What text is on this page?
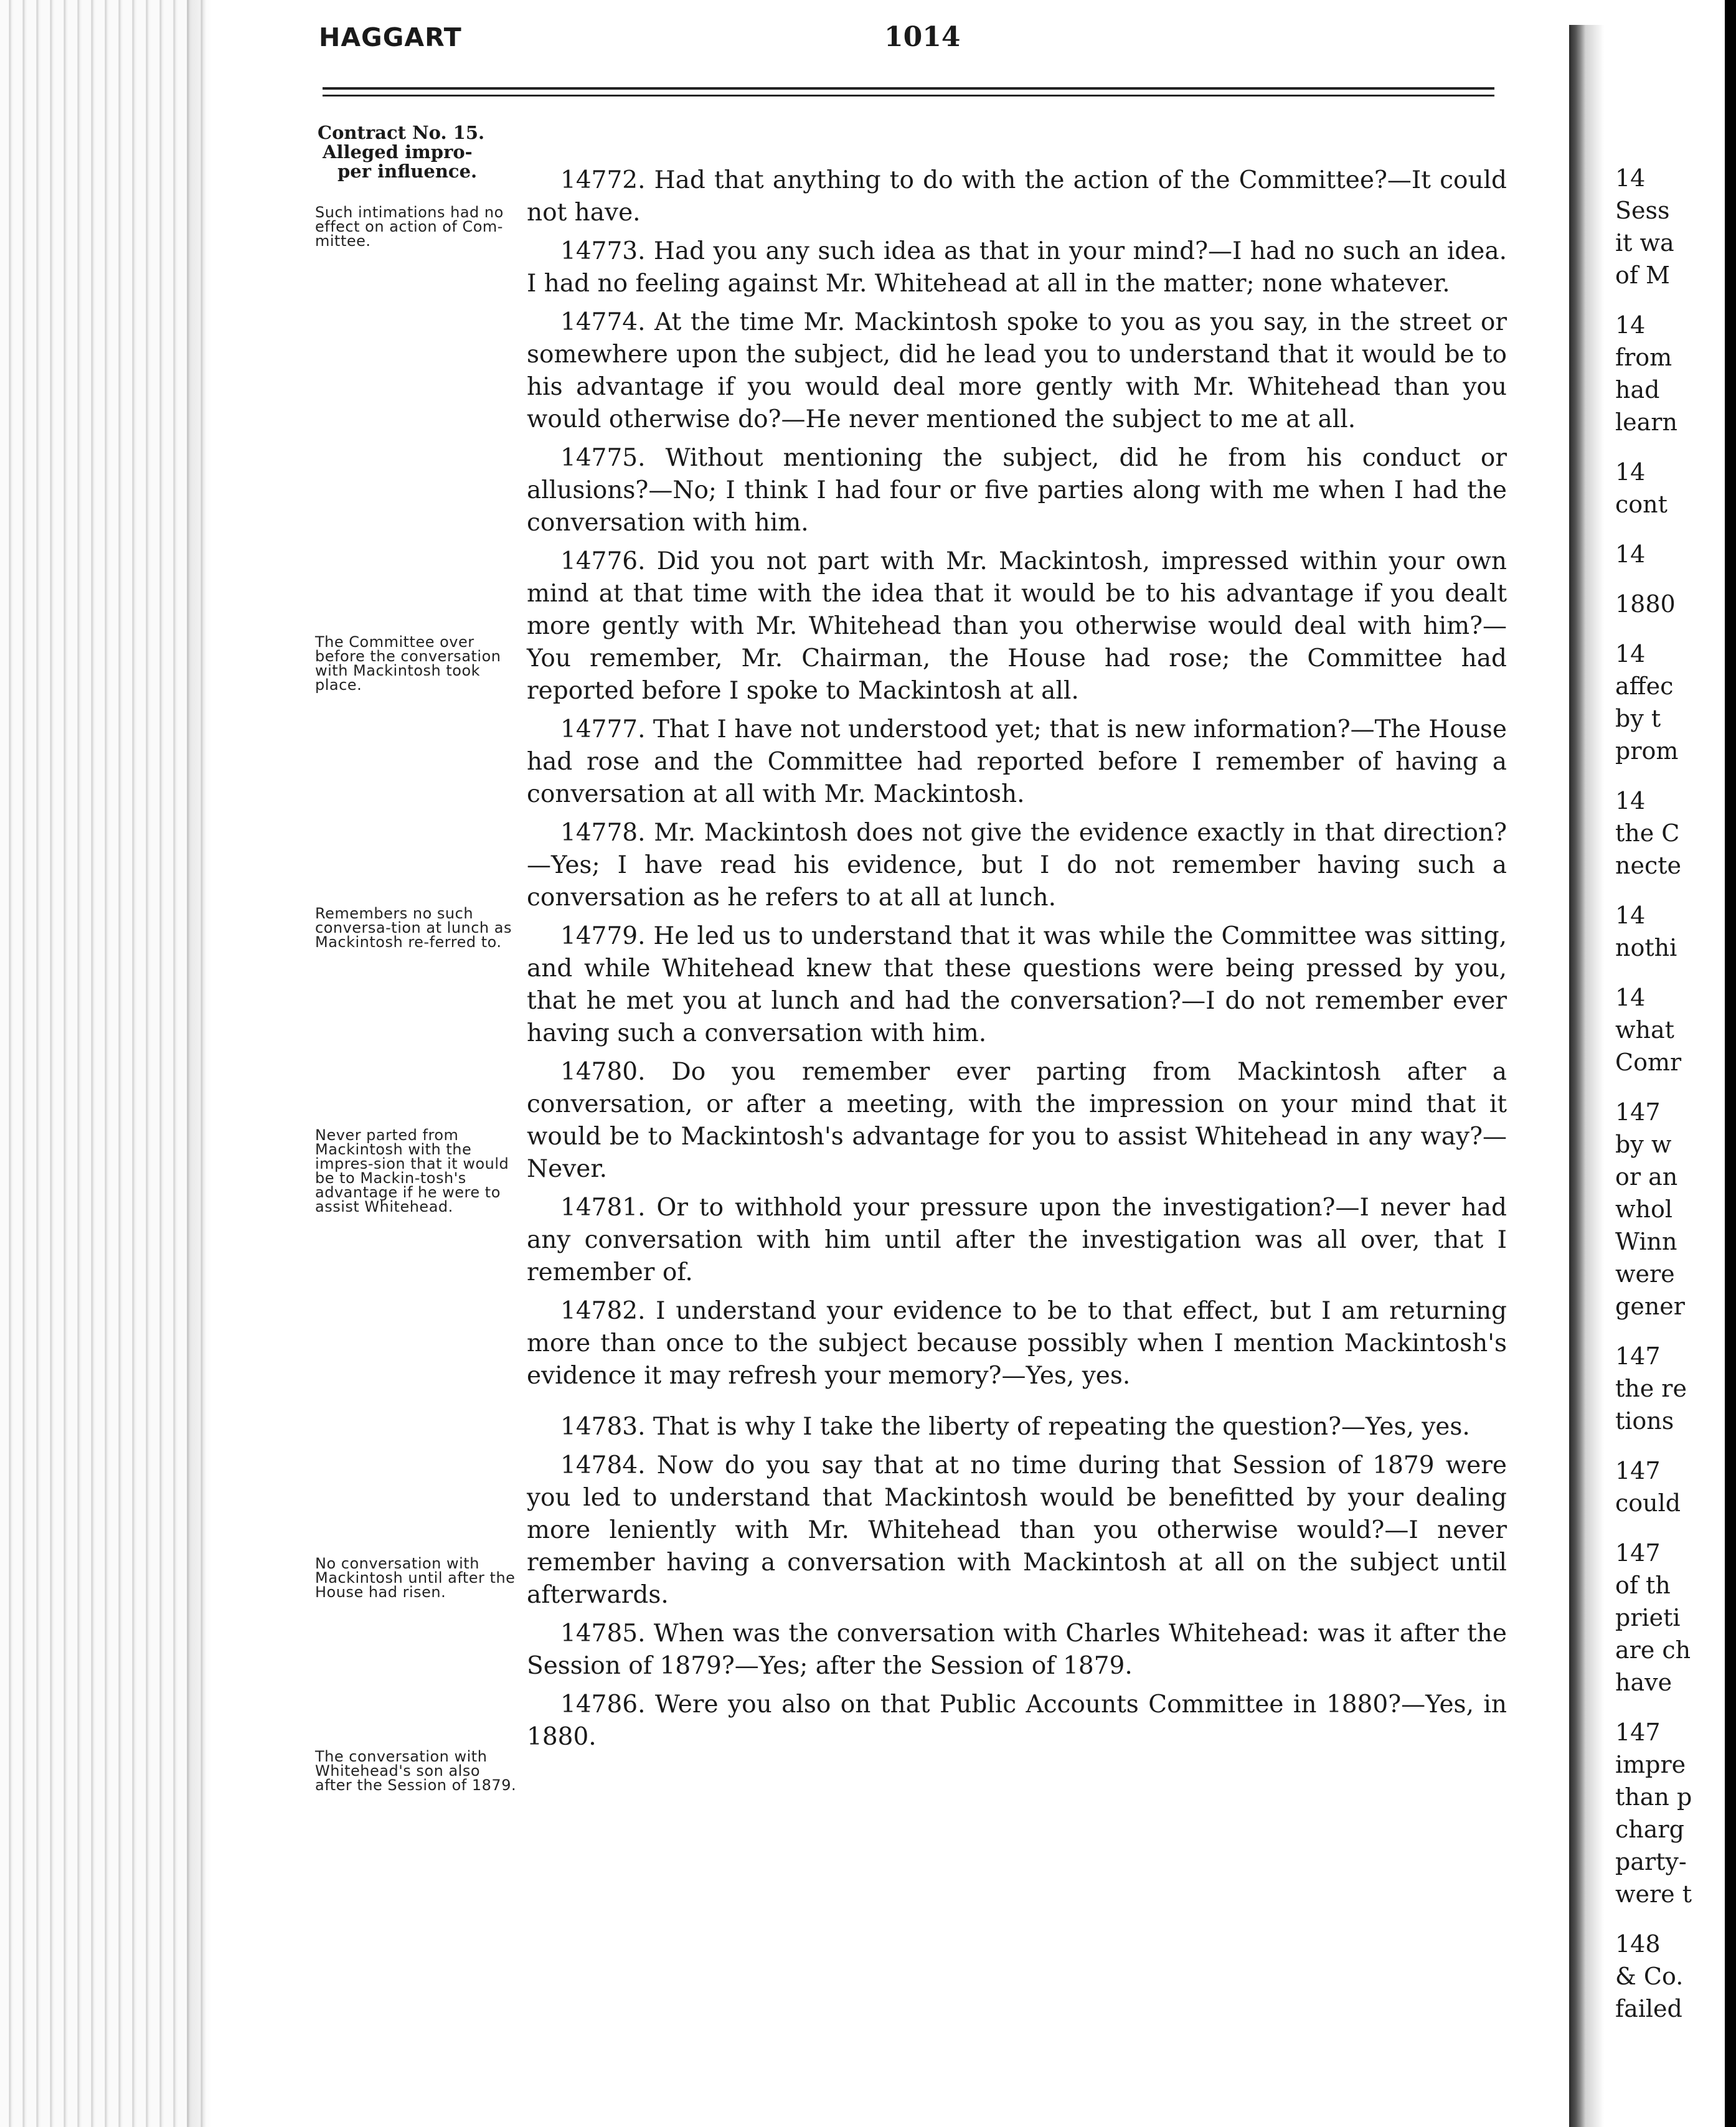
HAGGART	1014
Contract No. 15.
Alleged impro-
per influence.
Such intimations had no effect on action of Com-mittee.
The Committee over before the conversation with Mackintosh took place.
Remembers no such conversa-tion at lunch as Mackintosh re-ferred to.
Never parted from Mackintosh with the impres-sion that it would be to Mackin-tosh's advantage if he were to assist Whitehead.
No conversation with Mackintosh until after the House had risen.
The conversation with Whitehead's son also after the Session of 1879.

14772. Had that anything to do with the action of the Committee?—It could not have.

14773. Had you any such idea as that in your mind?—I had no such an idea. I had no feeling against Mr. Whitehead at all in the matter; none whatever.

14774. At the time Mr. Mackintosh spoke to you as you say, in the street or somewhere upon the subject, did he lead you to understand that it would be to his advantage if you would deal more gently with Mr. Whitehead than you would otherwise do?—He never mentioned the subject to me at all.

14775. Without mentioning the subject, did he from his conduct or allusions?—No; I think I had four or five parties along with me when I had the conversation with him.

14776. Did you not part with Mr. Mackintosh, impressed within your own mind at that time with the idea that it would be to his advantage if you dealt more gently with Mr. Whitehead than you otherwise would deal with him?—You remember, Mr. Chairman, the House had rose; the Committee had reported before I spoke to Mackintosh at all.

14777. That I have not understood yet; that is new information?—The House had rose and the Committee had reported before I remember of having a conversation at all with Mr. Mackintosh.

14778. Mr. Mackintosh does not give the evidence exactly in that direction?—Yes; I have read his evidence, but I do not remember having such a conversation as he refers to at all at lunch.

14779. He led us to understand that it was while the Committee was sitting, and while Whitehead knew that these questions were being pressed by you, that he met you at lunch and had the conversation?—I do not remember ever having such a conversation with him.

14780. Do you remember ever parting from Mackintosh after a conversation, or after a meeting, with the impression on your mind that it would be to Mackintosh's advantage for you to assist Whitehead in any way?—Never.

14781. Or to withhold your pressure upon the investigation?—I never had any conversation with him until after the investigation was all over, that I remember of.

14782. I understand your evidence to be to that effect, but I am returning more than once to the subject because possibly when I mention Mackintosh's evidence it may refresh your memory?—Yes, yes.

14783. That is why I take the liberty of repeating the question?—Yes, yes.

14784. Now do you say that at no time during that Session of 1879 were you led to understand that Mackintosh would be benefitted by your dealing more leniently with Mr. Whitehead than you otherwise would?—I never remember having a conversation with Mackintosh at all on the subject until afterwards.

14785. When was the conversation with Charles Whitehead: was it after the Session of 1879?—Yes; after the Session of 1879.

14786. Were you also on that Public Accounts Committee in 1880?—Yes, in 1880.

14
Sess
it wa
of M
14
from
had
learn
14
cont
14
1880
14
affec
by t
prom
14
the C
necte
14
nothi
14
what
Comr
147
by w
or an
whol
Winn
were
gener
147
the re
tions
147
could
147
of th
prieti
are ch
have
147
impre
than p
charg
party-
were t
148
& Co.
failed
